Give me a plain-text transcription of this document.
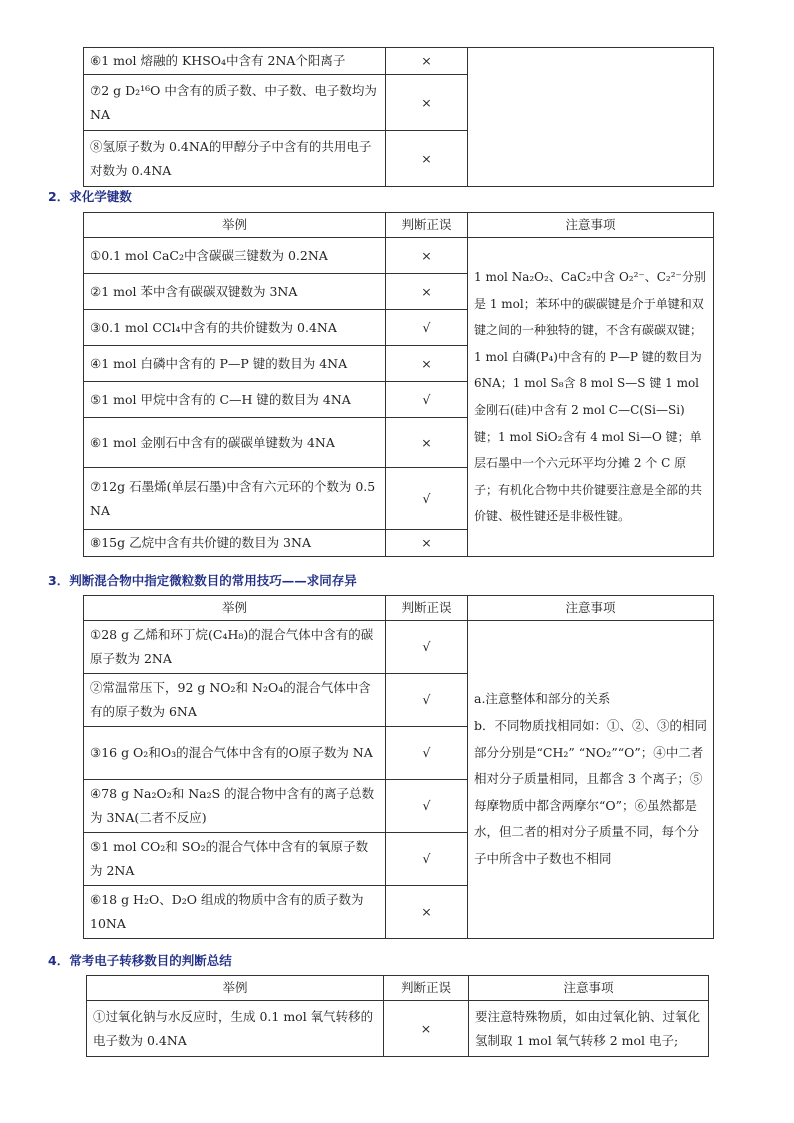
⑥1 mol 熔融的 KHSO₄中含有 2NA个阳离子	×	
⑦2 g D₂¹⁶O 中含有的质子数、中子数、电子数均为 NA	×	
⑧氢原子数为 0.4NA的甲醇分子中含有的共用电子对数为 0.4NA	×	
2．求化学键数
举例	判断正误	注意事项
①0.1 mol CaC₂中含碳碳三键数为 0.2NA	×	1 mol Na₂O₂、CaC₂中含 O₂²⁻、C₂²⁻分别是 1 mol；苯环中的碳碳键是介于单键和双键之间的一种独特的键，不含有碳碳双键；1 mol 白磷(P₄)中含有的 P—P 键的数目为 6NA；1 mol S₈含 8 mol S—S 键 1 mol 金刚石(硅)中含有 2 mol C—C(Si—Si)键；1 mol SiO₂含有 4 mol Si—O 键；单层石墨中一个六元环平均分摊 2 个 C 原子；有机化合物中共价键要注意是全部的共价键、极性键还是非极性键。
②1 mol 苯中含有碳碳双键数为 3NA	×	
③0.1 mol CCl₄中含有的共价键数为 0.4NA	√	
④1 mol 白磷中含有的 P—P 键的数目为 4NA	×	
⑤1 mol 甲烷中含有的 C—H 键的数目为 4NA	√	
⑥1 mol 金刚石中含有的碳碳单键数为 4NA	×	
⑦12g 石墨烯(单层石墨)中含有六元环的个数为 0.5 NA	√	
⑧15g 乙烷中含有共价键的数目为 3NA	×	
3．判断混合物中指定微粒数目的常用技巧——求同存异
举例	判断正误	注意事项
①28 g 乙烯和环丁烷(C₄H₈)的混合气体中含有的碳原子数为 2NA	√	a.注意整体和部分的关系
b．不同物质找相同如：①、②、③的相同部分分别是“CH₂” “NO₂”“O”；④中二者相对分子质量相同，且都含 3 个离子；⑤每摩物质中都含两摩尔“O”；⑥虽然都是水，但二者的相对分子质量不同，每个分子中所含中子数也不相同

②常温常压下，92 g NO₂和 N₂O₄的混合气体中含有的原子数为 6NA	√	
③16 g O₂和O₃的混合气体中含有的O原子数为 NA	√	
④78 g Na₂O₂和 Na₂S 的混合物中含有的离子总数为 3NA(二者不反应)	√	
⑤1 mol CO₂和 SO₂的混合气体中含有的氧原子数为 2NA	√	
⑥18 g H₂O、D₂O 组成的物质中含有的质子数为 10NA	×	
4．常考电子转移数目的判断总结
举例	判断正误	注意事项
①过氧化钠与水反应时，生成 0.1 mol 氧气转移的电子数为 0.4NA	×	要注意特殊物质，如由过氧化钠、过氧化氢制取 1 mol 氧气转移 2 mol 电子;
